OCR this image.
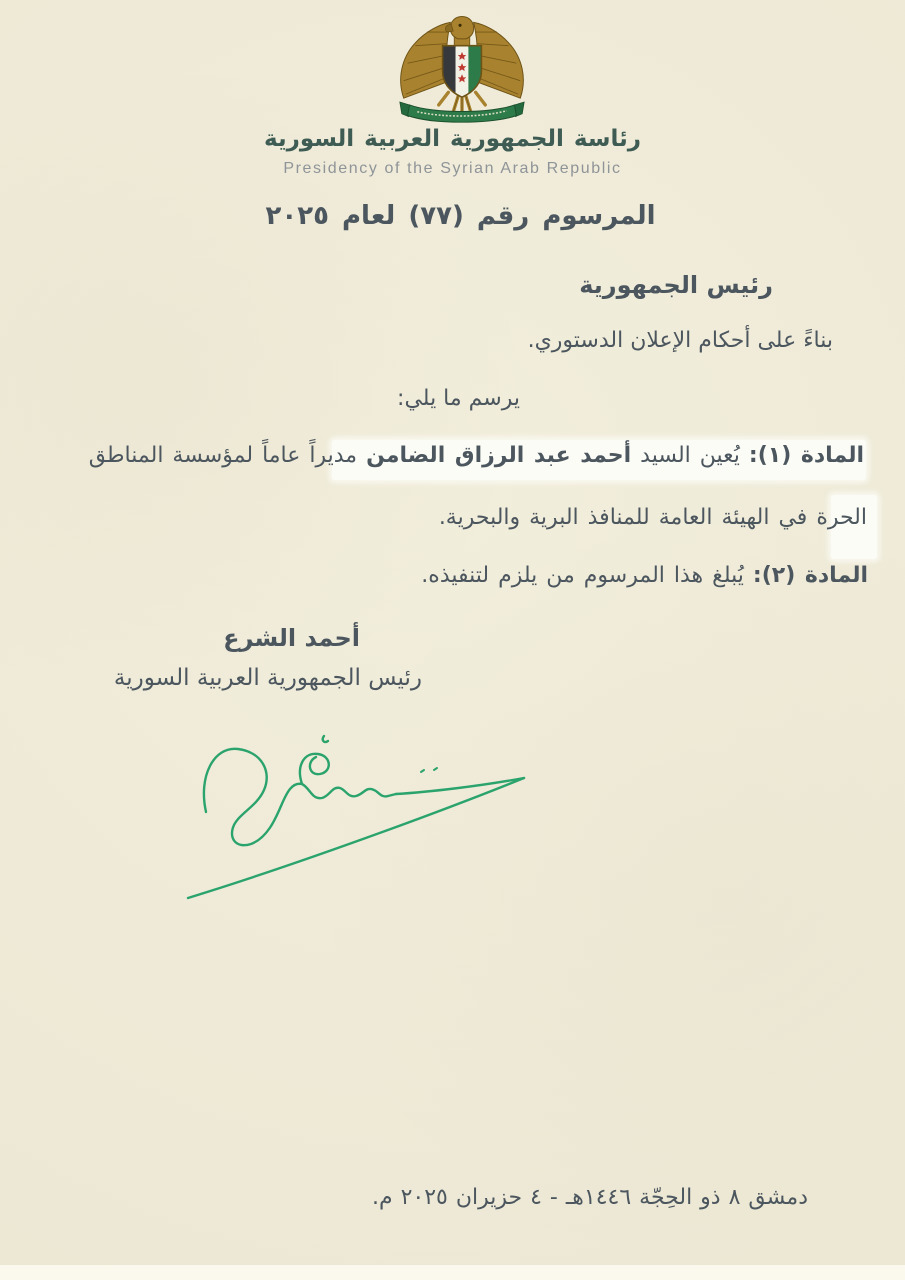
رئاسة الجمهورية العربية السورية
Presidency of the Syrian Arab Republic
المرسوم رقم (٧٧) لعام ٢٠٢٥
رئيس الجمهورية
بناءً على أحكام الإعلان الدستوري.
يرسم ما يلي:
المادة (١): يُعين السيد أحمد عبد الرزاق الضامن مديراً عاماً لمؤسسة المناطق
الحرة في الهيئة العامة للمنافذ البرية والبحرية.
المادة (٢): يُبلغ هذا المرسوم من يلزم لتنفيذه.
أحمد الشرع
رئيس الجمهورية العربية السورية
دمشق ٨ ذو الحِجّة ١٤٤٦هـ - ٤ حزيران ٢٠٢٥ م.
